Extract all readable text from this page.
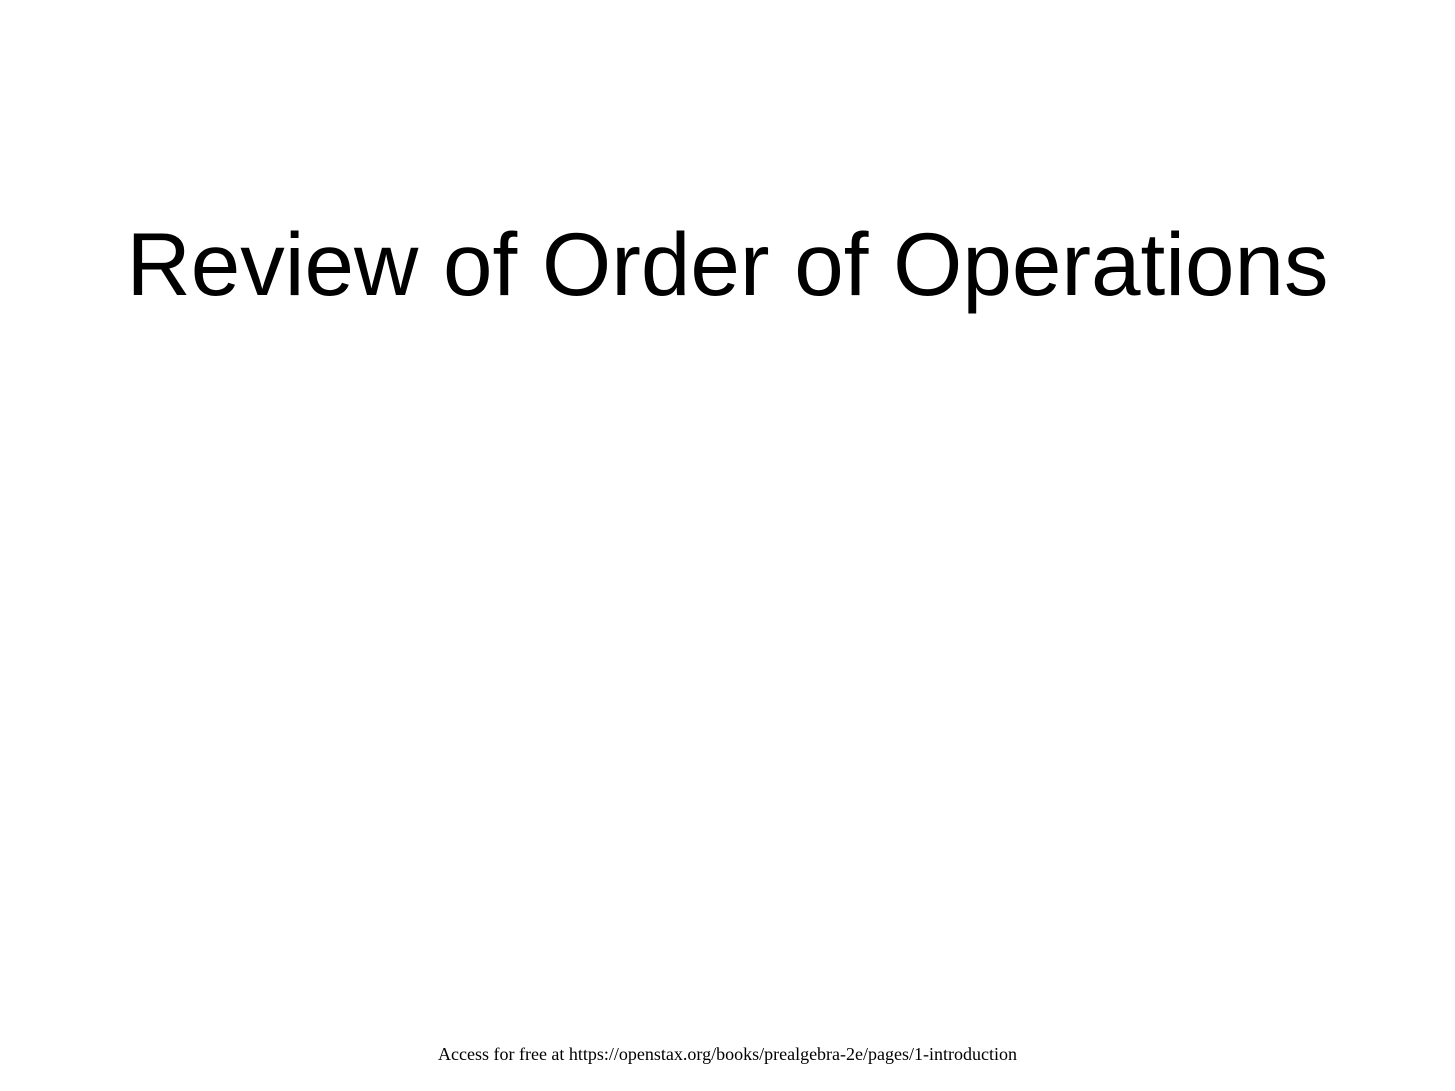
Review of Order of Operations
Access for free at https://openstax.org/books/prealgebra-2e/pages/1-introduction
